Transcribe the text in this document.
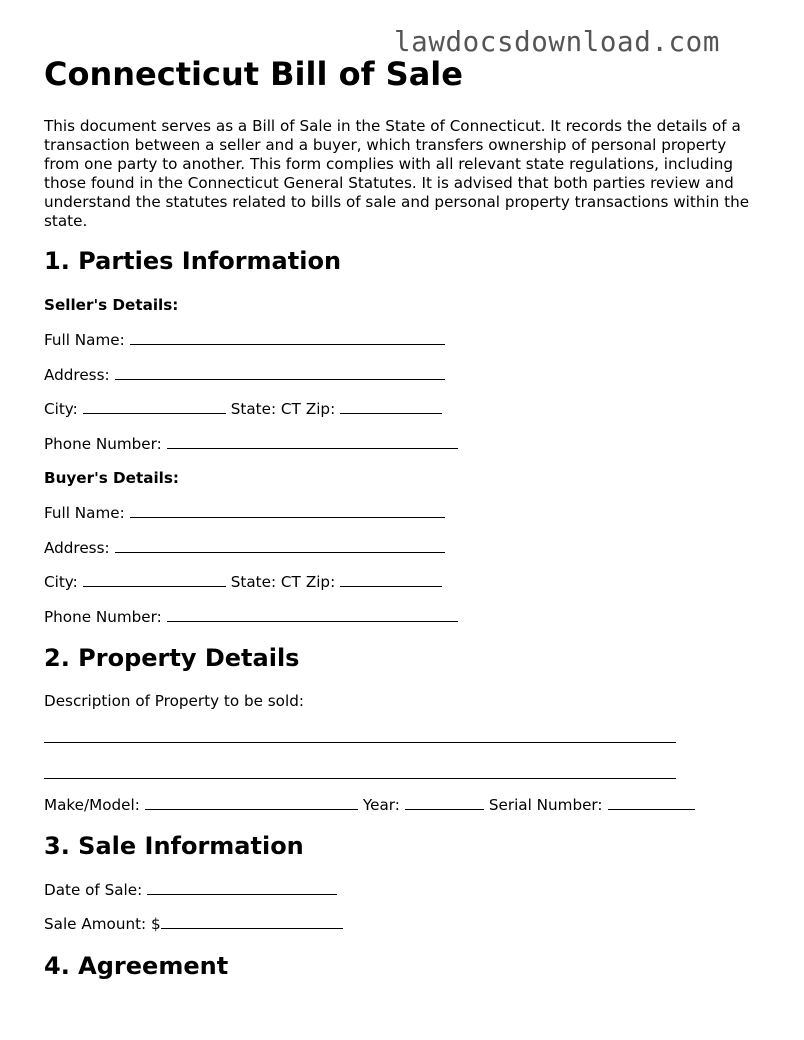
lawdocsdownload.com
Connecticut Bill of Sale

This document serves as a Bill of Sale in the State of Connecticut. It records the details of a transaction between a seller and a buyer, which transfers ownership of personal property from one party to another. This form complies with all relevant state regulations, including those found in the Connecticut General Statutes. It is advised that both parties review and understand the statutes related to bills of sale and personal property transactions within the state.

1. Parties Information
Seller's Details:
Full Name:
Address:
City:	State: CT Zip:
Phone Number:
Buyer's Details:
Full Name:
Address:
City:	State: CT Zip:
Phone Number:
2. Property Details
Description of Property to be sold:
Make/Model:	Year:	Serial Number:
3. Sale Information
Date of Sale:
Sale Amount: $
4. Agreement
